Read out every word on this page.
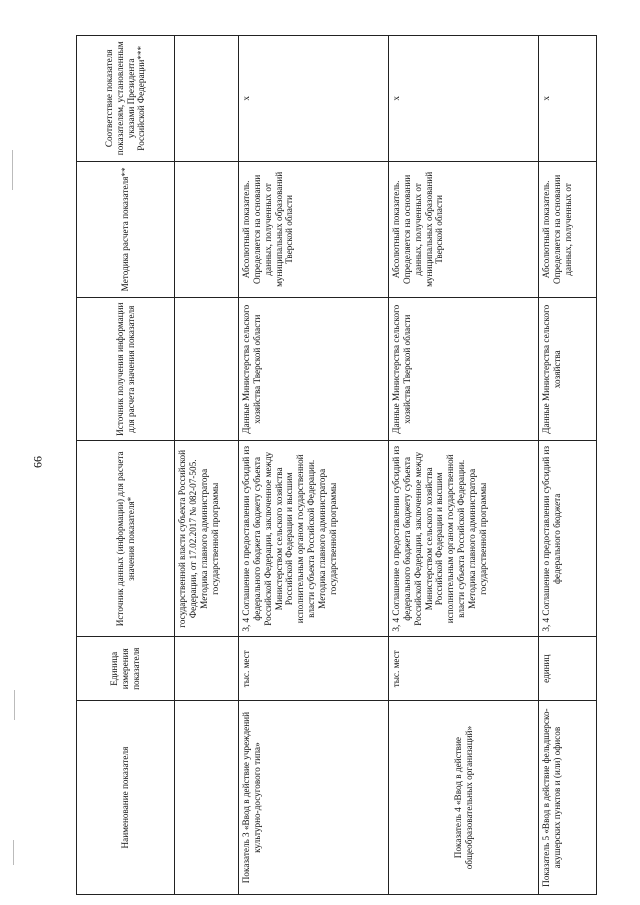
66
Наименование показателя	Единица измерения показателя	Источник данных (информации) для расчета значения показателя*	Источник получения информации для расчета значения показателя	Методика расчета показателя**	Соответствие показателя показателям, установленным указами Президента Российской Федерации***
		государственной власти субъекта Российской Федерации, от 17.02.2017 № 082-07-505. Методика главного администратора государственной программы			
Показатель 3 «Ввод в действие учреждений культурно-досугового типа»	тыс. мест	3, 4 Соглашение о предоставлении субсидий из федерального бюджета бюджету субъекта Российской Федерации, заключенное между Министерством сельского хозяйства Российской Федерации и высшим исполнительным органом государственной власти субъекта Российской Федерации. Методика главного администратора государственной программы	Данные Министерства сельского хозяйства Тверской области	Абсолютный показатель. Определяется на основании данных, полученных от муниципальных образований Тверской области	x
Показатель 4 «Ввод в действие общеобразовательных организаций»	тыс. мест	3, 4 Соглашение о предоставлении субсидий из федерального бюджета бюджету субъекта Российской Федерации, заключенное между Министерством сельского хозяйства Российской Федерации и высшим исполнительным органом государственной власти субъекта Российской Федерации. Методика главного администратора государственной программы	Данные Министерства сельского хозяйства Тверской области	Абсолютный показатель. Определяется на основании данных, полученных от муниципальных образований Тверской области	x
Показатель 5 «Ввод в действие фельдшерско-акушерских пунктов и (или) офисов	единиц	3, 4 Соглашение о предоставлении субсидий из федерального бюджета	Данные Министерства сельского хозяйства	Абсолютный показатель. Определяется на основании данных, полученных от	x
